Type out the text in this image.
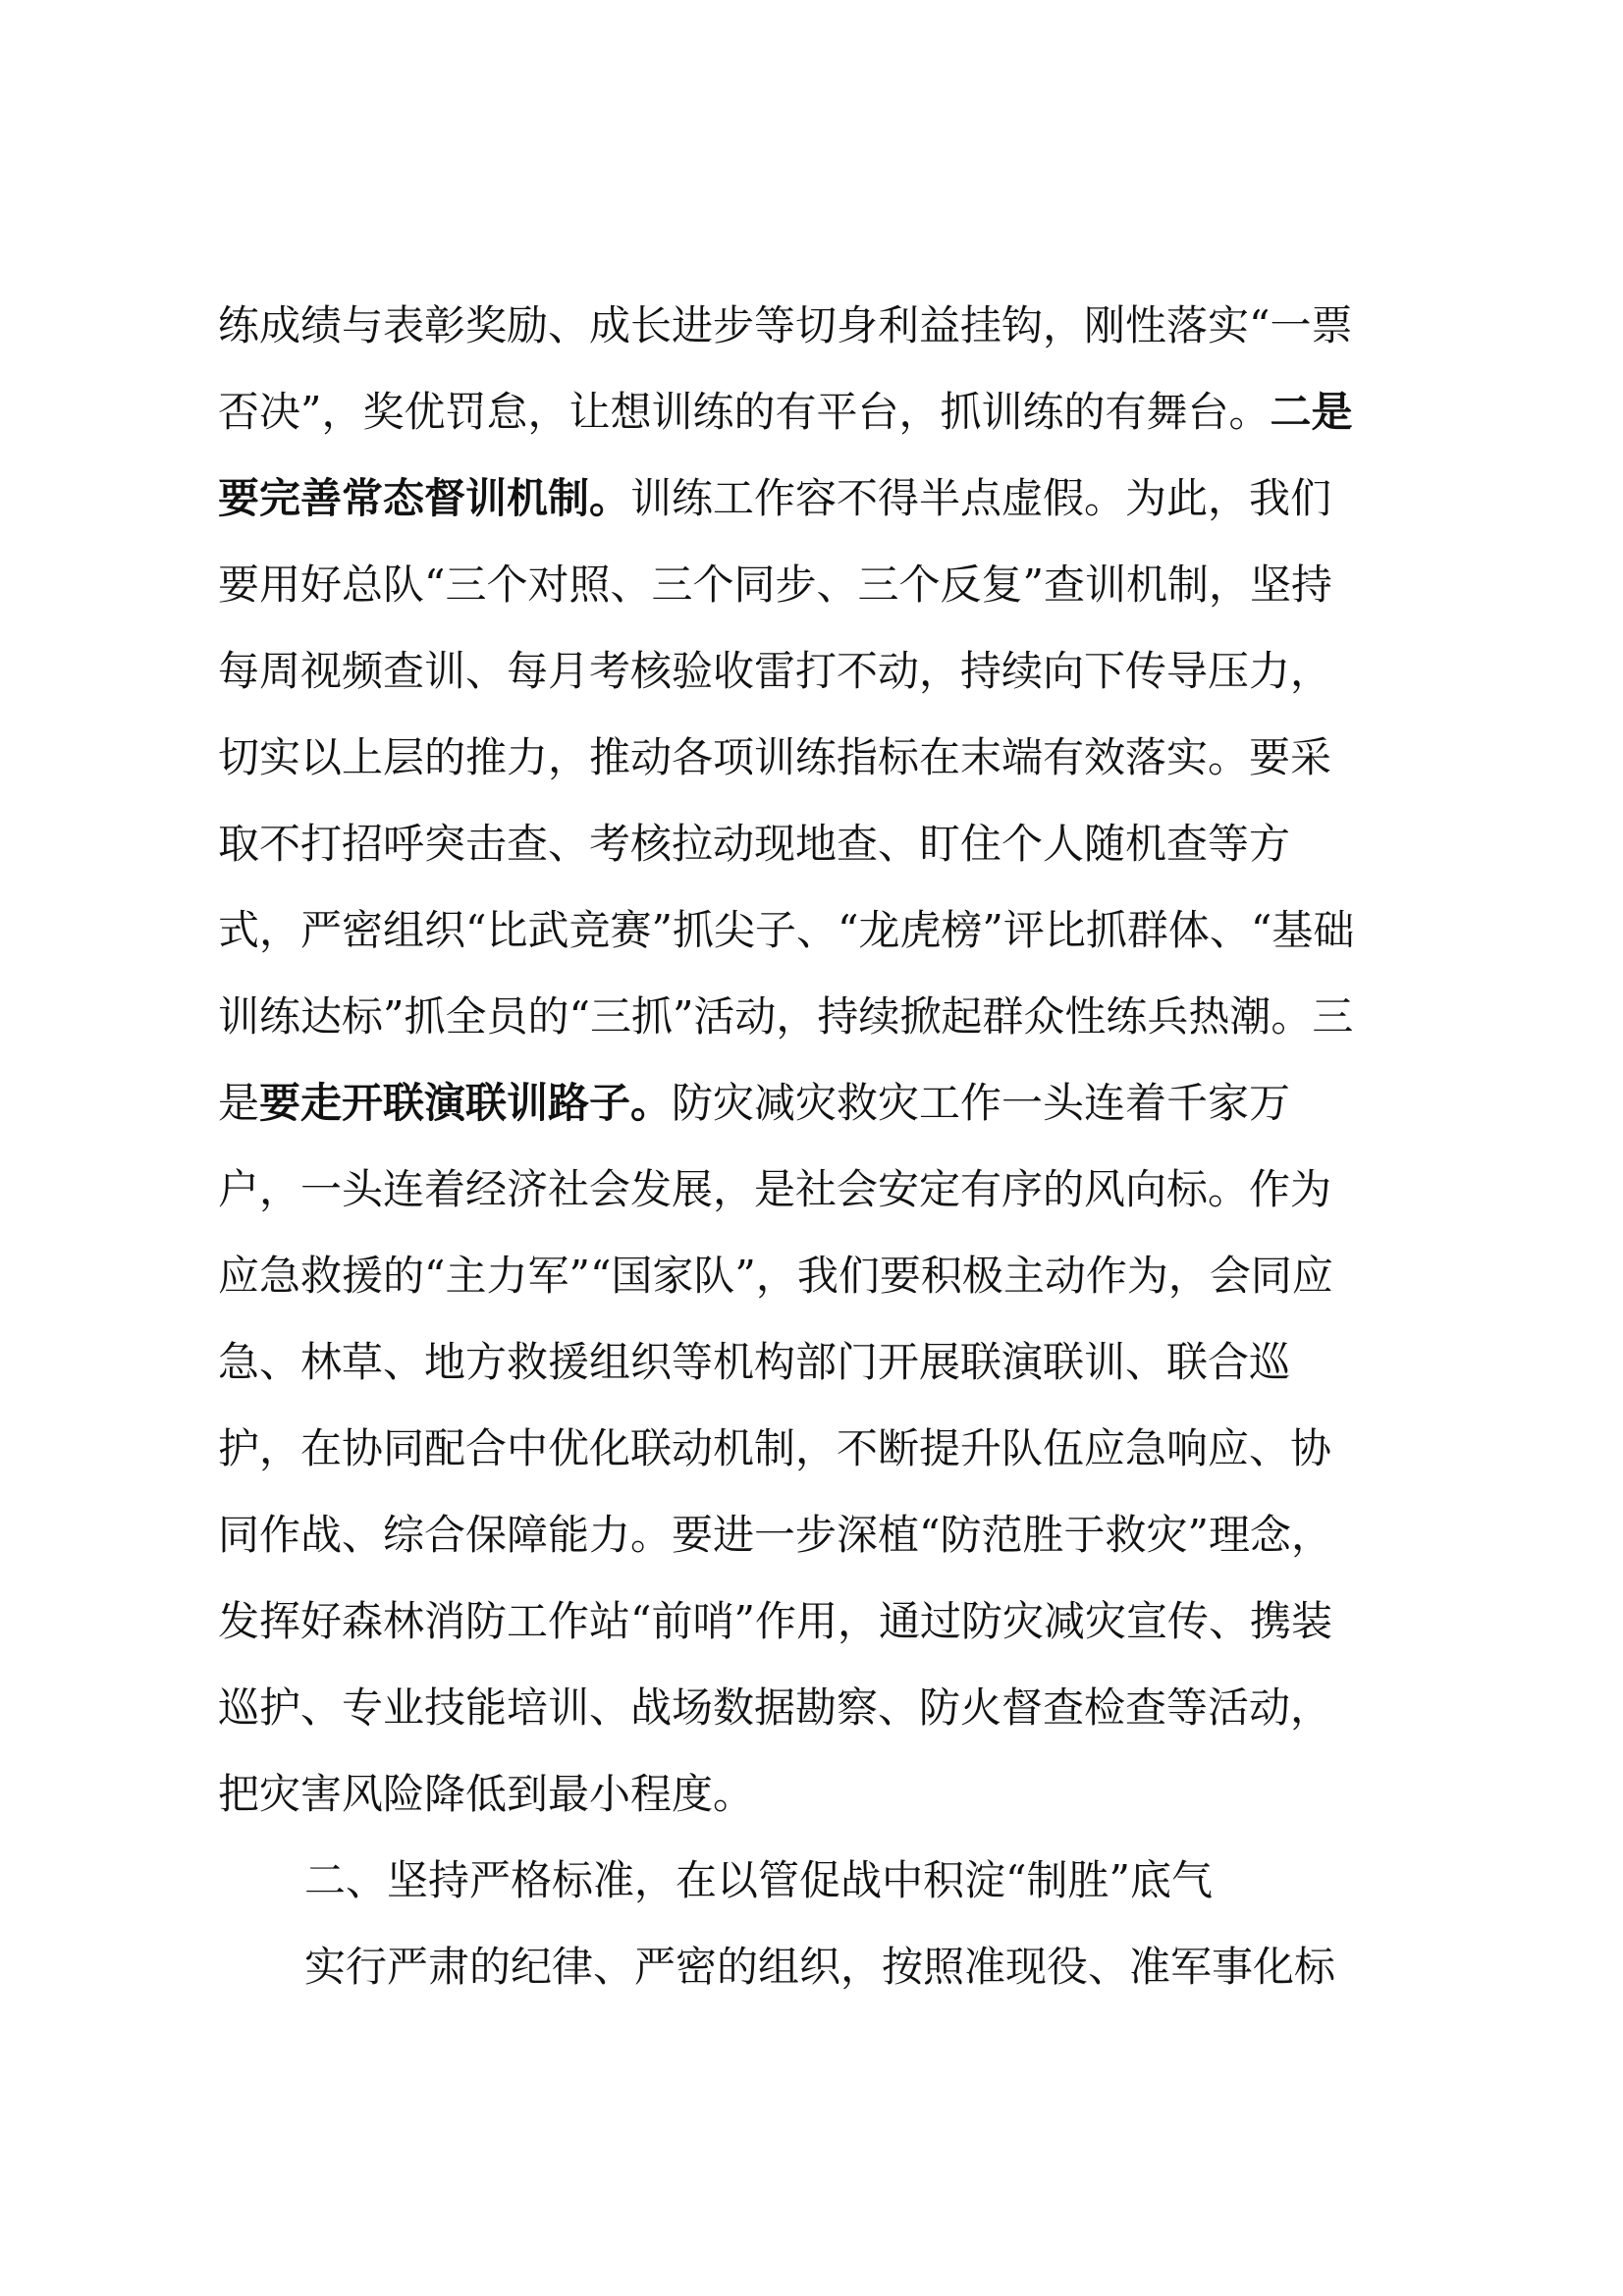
练成绩与表彰奖励、成长进步等切身利益挂钩，刚性落实“一票
否决”，奖优罚怠，让想训练的有平台，抓训练的有舞台。二是
要完善常态督训机制。训练工作容不得半点虚假。为此，我们
要用好总队“三个对照、三个同步、三个反复”查训机制，坚持
每周视频查训、每月考核验收雷打不动，持续向下传导压力，
切实以上层的推力，推动各项训练指标在末端有效落实。要采
取不打招呼突击查、考核拉动现地查、盯住个人随机查等方
式，严密组织“比武竞赛”抓尖子、“龙虎榜”评比抓群体、“基础
训练达标”抓全员的“三抓”活动，持续掀起群众性练兵热潮。三
是要走开联演联训路子。防灾减灾救灾工作一头连着千家万
户，一头连着经济社会发展，是社会安定有序的风向标。作为
应急救援的“主力军”“国家队”，我们要积极主动作为，会同应
急、林草、地方救援组织等机构部门开展联演联训、联合巡
护，在协同配合中优化联动机制，不断提升队伍应急响应、协
同作战、综合保障能力。要进一步深植“防范胜于救灾”理念，
发挥好森林消防工作站“前哨”作用，通过防灾减灾宣传、携装
巡护、专业技能培训、战场数据勘察、防火督查检查等活动，
把灾害风险降低到最小程度。
二、坚持严格标准，在以管促战中积淀“制胜”底气
实行严肃的纪律、严密的组织，按照准现役、准军事化标
